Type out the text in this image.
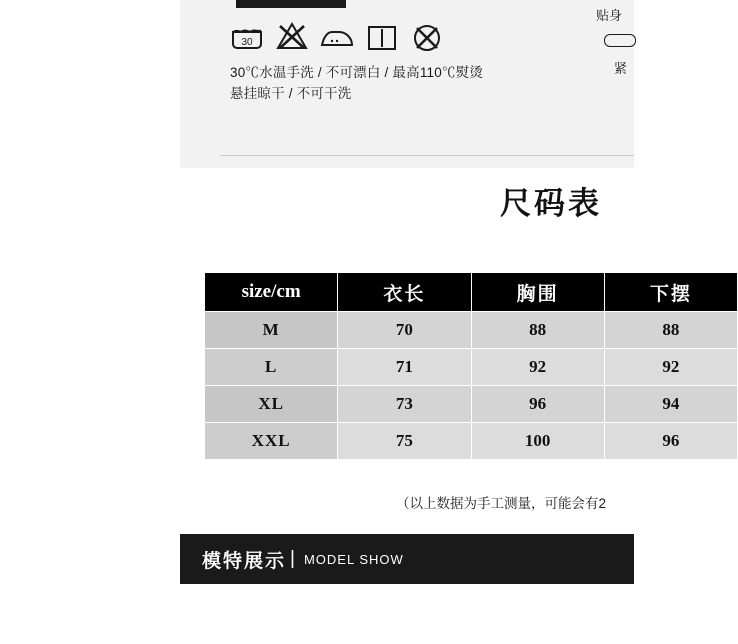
30
30℃水温手洗 / 不可漂白 / 最高110℃熨烫
悬挂晾干 / 不可干洗
贴身
紧
尺码表
size/cm	衣长	胸围	下摆
M	70	88	88
L	71	92	92
XL	73	96	94
XXL	75	100	96
（以上数据为手工测量，可能会有2
模特展示 | MODEL SHOW
